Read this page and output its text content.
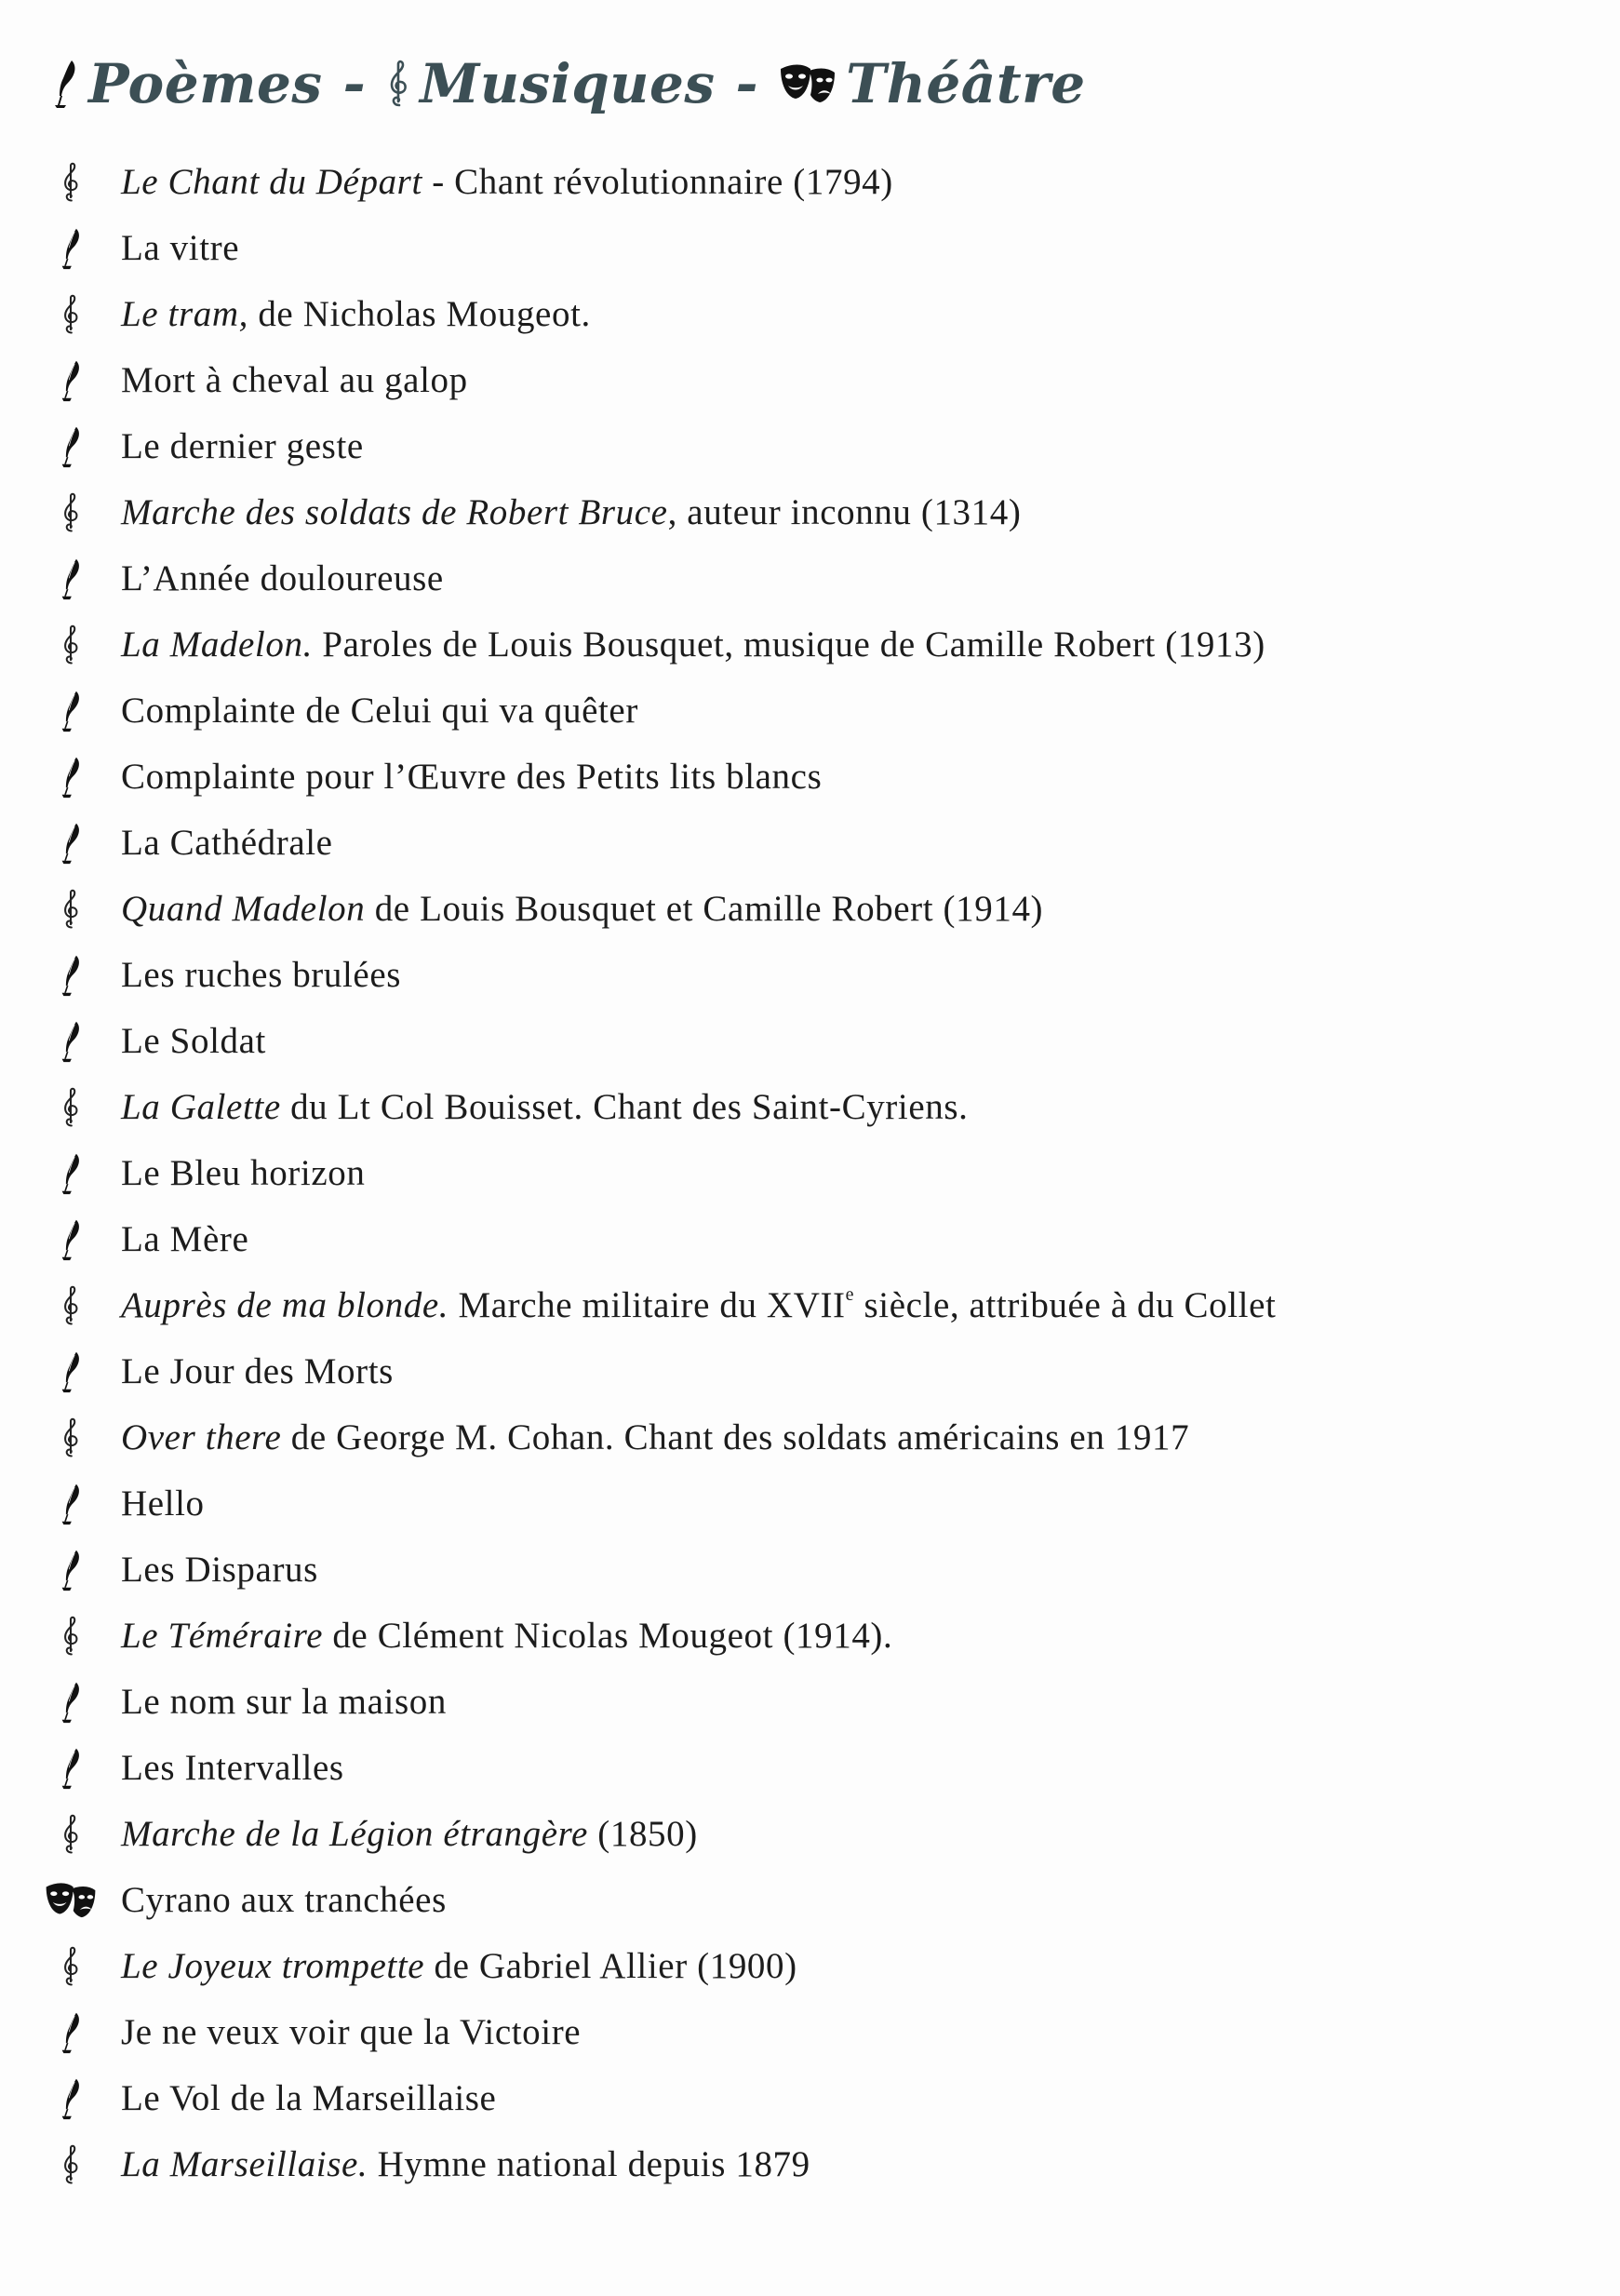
Poèmes - Musiques - Théâtre
Le Chant du Départ - Chant révolutionnaire (1794)
La vitre
Le tram, de Nicholas Mougeot.
Mort à cheval au galop
Le dernier geste
Marche des soldats de Robert Bruce, auteur inconnu (1314)
L’Année douloureuse
La Madelon. Paroles de Louis Bousquet, musique de Camille Robert (1913)
Complainte de Celui qui va quêter
Complainte pour l’Œuvre des Petits lits blancs
La Cathédrale
Quand Madelon de Louis Bousquet et Camille Robert (1914)
Les ruches brulées
Le Soldat
La Galette du Lt Col Bouisset. Chant des Saint-Cyriens.
Le Bleu horizon
La Mère
Auprès de ma blonde. Marche militaire du XVIIe siècle, attribuée à du Collet
Le Jour des Morts
Over there de George M. Cohan. Chant des soldats américains en 1917
Hello
Les Disparus
Le Téméraire de Clément Nicolas Mougeot (1914).
Le nom sur la maison
Les Intervalles
Marche de la Légion étrangère (1850)
Cyrano aux tranchées
Le Joyeux trompette de Gabriel Allier (1900)
Je ne veux voir que la Victoire
Le Vol de la Marseillaise
La Marseillaise. Hymne national depuis 1879
